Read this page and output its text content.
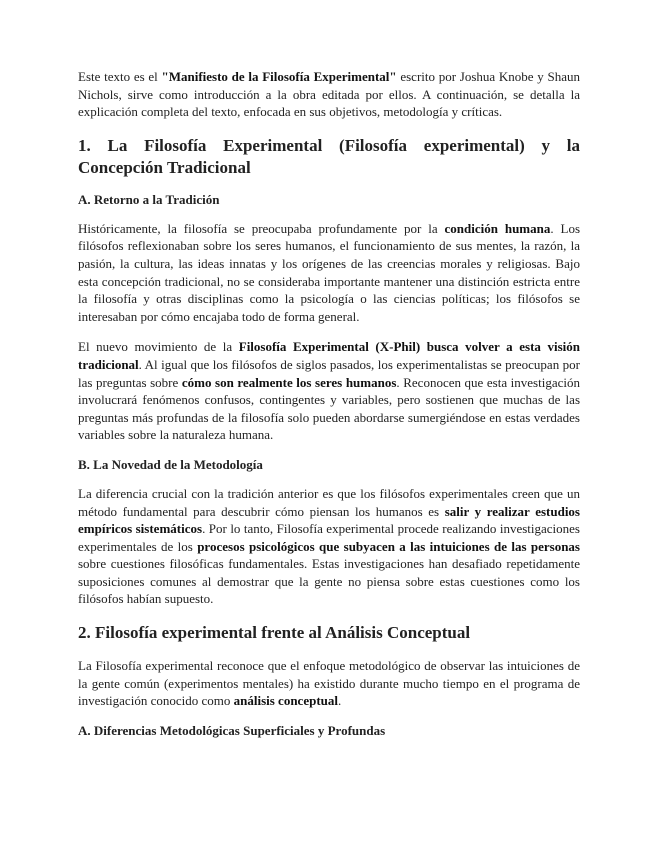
Este texto es el "Manifiesto de la Filosofía Experimental" escrito por Joshua Knobe y Shaun Nichols, sirve como introducción a la obra editada por ellos. A continuación, se detalla la explicación completa del texto, enfocada en sus objetivos, metodología y críticas.

1. La Filosofía Experimental (Filosofía experimental) y la Concepción Tradicional
A. Retorno a la Tradición

Históricamente, la filosofía se preocupaba profundamente por la condición humana. Los filósofos reflexionaban sobre los seres humanos, el funcionamiento de sus mentes, la razón, la pasión, la cultura, las ideas innatas y los orígenes de las creencias morales y religiosas. Bajo esta concepción tradicional, no se consideraba importante mantener una distinción estricta entre la filosofía y otras disciplinas como la psicología o las ciencias políticas; los filósofos se interesaban por cómo encajaba todo de forma general.

El nuevo movimiento de la Filosofía Experimental (X-Phil) busca volver a esta visión tradicional. Al igual que los filósofos de siglos pasados, los experimentalistas se preocupan por las preguntas sobre cómo son realmente los seres humanos. Reconocen que esta investigación involucrará fenómenos confusos, contingentes y variables, pero sostienen que muchas de las preguntas más profundas de la filosofía solo pueden abordarse sumergiéndose en estas verdades variables sobre la naturaleza humana.

B. La Novedad de la Metodología

La diferencia crucial con la tradición anterior es que los filósofos experimentales creen que un método fundamental para descubrir cómo piensan los humanos es salir y realizar estudios empíricos sistemáticos. Por lo tanto, Filosofía experimental procede realizando investigaciones experimentales de los procesos psicológicos que subyacen a las intuiciones de las personas sobre cuestiones filosóficas fundamentales. Estas investigaciones han desafiado repetidamente suposiciones comunes al demostrar que la gente no piensa sobre estas cuestiones como los filósofos habían supuesto.

2. Filosofía experimental frente al Análisis Conceptual

La Filosofía experimental reconoce que el enfoque metodológico de observar las intuiciones de la gente común (experimentos mentales) ha existido durante mucho tiempo en el programa de investigación conocido como análisis conceptual.

A. Diferencias Metodológicas Superficiales y Profundas
